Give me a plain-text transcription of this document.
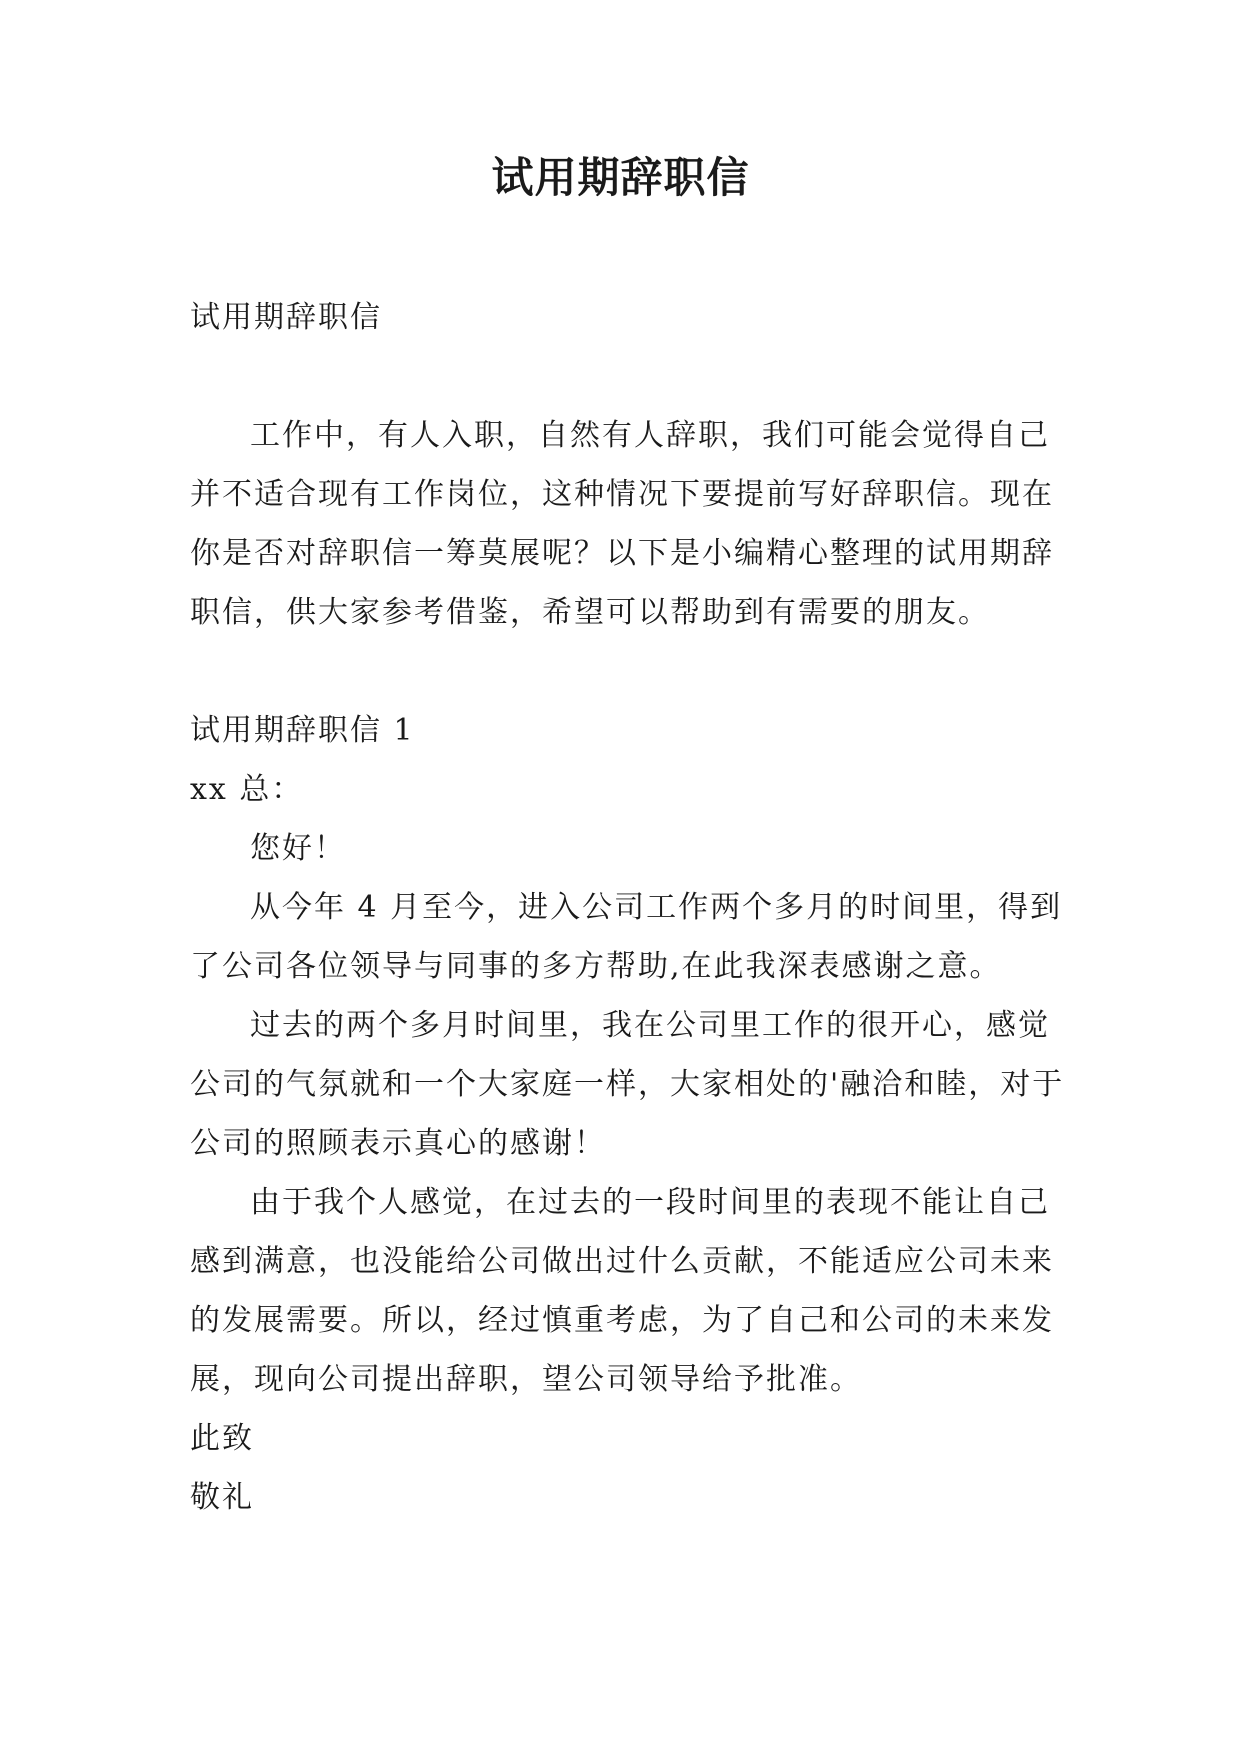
试用期辞职信

试用期辞职信

工作中，有人入职，自然有人辞职，我们可能会觉得自己并不适合现有工作岗位，这种情况下要提前写好辞职信。现在你是否对辞职信一筹莫展呢？以下是小编精心整理的试用期辞职信，供大家参考借鉴，希望可以帮助到有需要的朋友。

试用期辞职信 1

xx 总：

您好！

从今年 4 月至今，进入公司工作两个多月的时间里，得到了公司各位领导与同事的多方帮助,在此我深表感谢之意。

过去的两个多月时间里，我在公司里工作的很开心，感觉公司的气氛就和一个大家庭一样，大家相处的'融洽和睦，对于公司的照顾表示真心的感谢！

由于我个人感觉，在过去的一段时间里的表现不能让自己感到满意，也没能给公司做出过什么贡献，不能适应公司未来的发展需要。所以，经过慎重考虑，为了自己和公司的未来发展，现向公司提出辞职，望公司领导给予批准。

此致

敬礼
